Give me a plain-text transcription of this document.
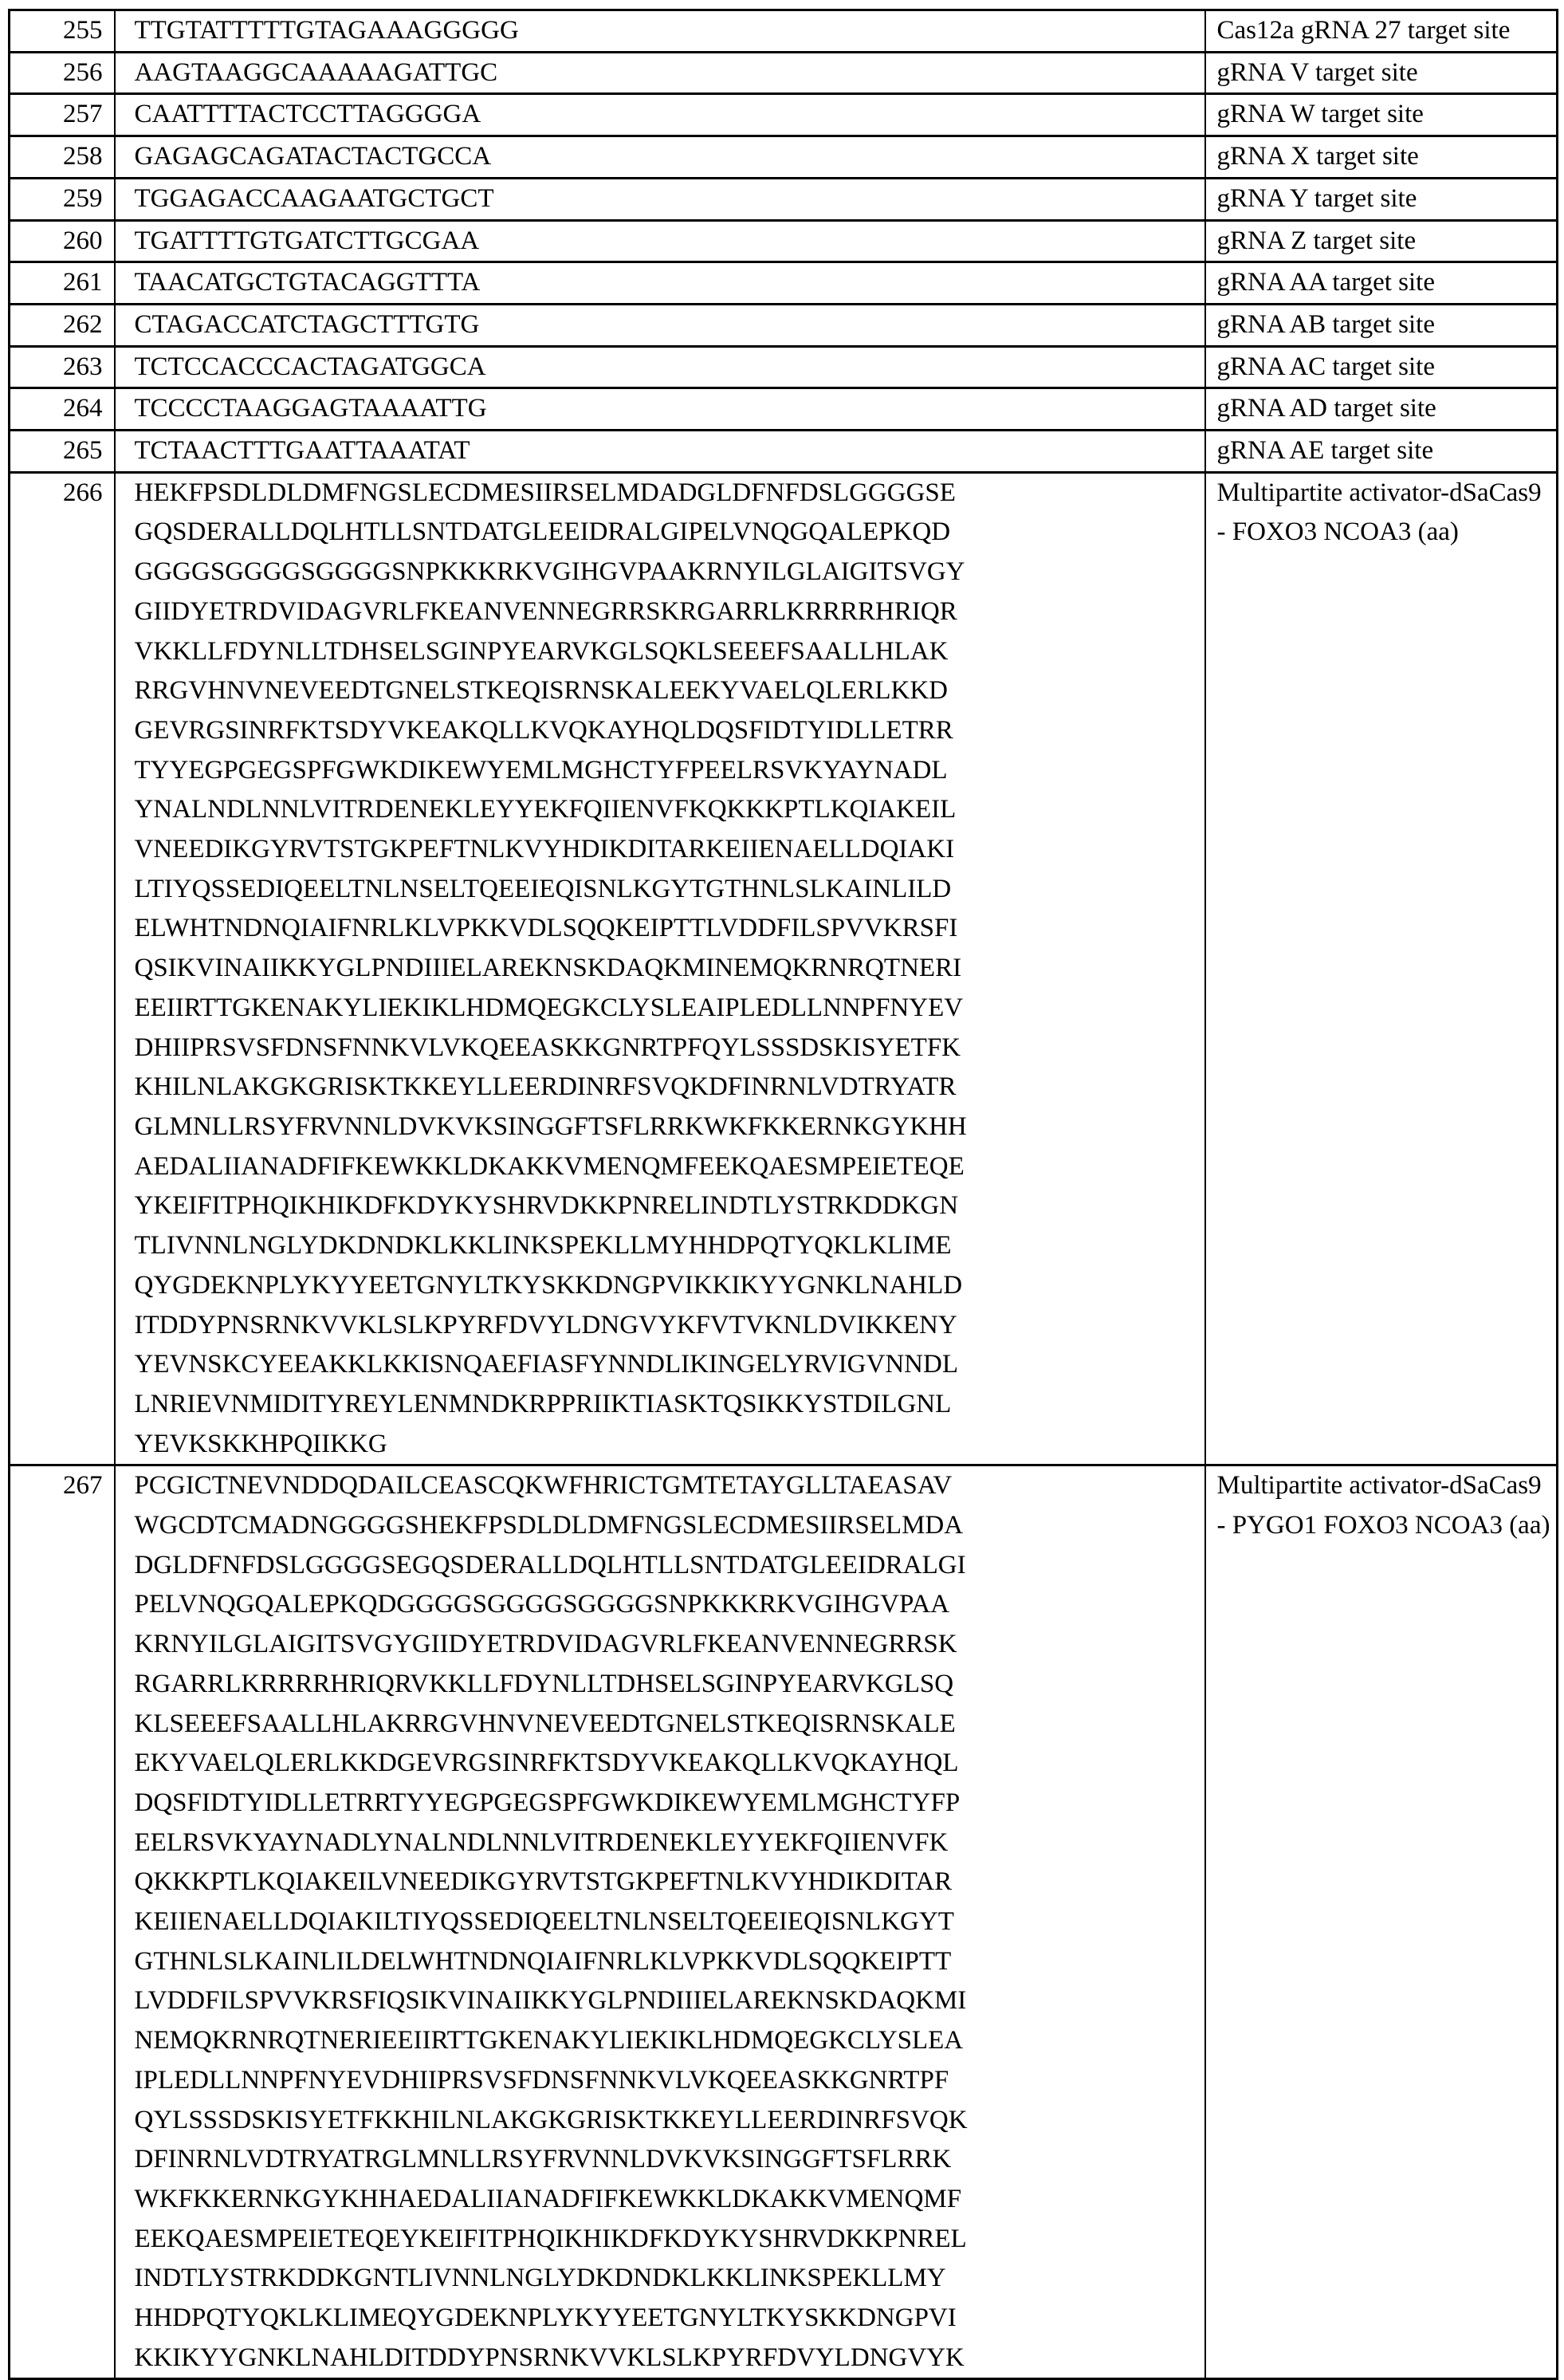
255	TTGTATTTTTGTAGAAAGGGGG	Cas12a gRNA 27 target site
256	AAGTAAGGCAAAAAGATTGC	gRNA V target site
257	CAATTTTACTCCTTAGGGGA	gRNA W target site
258	GAGAGCAGATACTACTGCCA	gRNA X target site
259	TGGAGACCAAGAATGCTGCT	gRNA Y target site
260	TGATTTTGTGATCTTGCGAA	gRNA Z target site
261	TAACATGCTGTACAGGTTTA	gRNA AA target site
262	CTAGACCATCTAGCTTTGTG	gRNA AB target site
263	TCTCCACCCACTAGATGGCA	gRNA AC target site
264	TCCCCTAAGGAGTAAAATTG	gRNA AD target site
265	TCTAACTTTGAATTAAATAT	gRNA AE target site
266	HEKFPSDLDLDMFNGSLECDMESIIRSELMDADGLDFNFDSLGGGGSE
GQSDERALLDQLHTLLSNTDATGLEEIDRALGIPELVNQGQALEPKQD
GGGGSGGGGSGGGGSNPKKKRKVGIHGVPAAKRNYILGLAIGITSVGY
GIIDYETRDVIDAGVRLFKEANVENNEGRRSKRGARRLKRRRRHRIQR
VKKLLFDYNLLTDHSELSGINPYEARVKGLSQKLSEEEFSAALLHLAK
RRGVHNVNEVEEDTGNELSTKEQISRNSKALEEKYVAELQLERLKKD
GEVRGSINRFKTSDYVKEAKQLLKVQKAYHQLDQSFIDTYIDLLETRR
TYYEGPGEGSPFGWKDIKEWYEMLMGHCTYFPEELRSVKYAYNADL
YNALNDLNNLVITRDENEKLEYYEKFQIIENVFKQKKKPTLKQIAKEIL
VNEEDIKGYRVTSTGKPEFTNLKVYHDIKDITARKEIIENAELLDQIAKI
LTIYQSSEDIQEELTNLNSELTQEEIEQISNLKGYTGTHNLSLKAINLILD
ELWHTNDNQIAIFNRLKLVPKKVDLSQQKEIPTTLVDDFILSPVVKRSFI
QSIKVINAIIKKYGLPNDIIIELAREKNSKDAQKMINEMQKRNRQTNERI
EEIIRTTGKENAKYLIEKIKLHDMQEGKCLYSLEAIPLEDLLNNPFNYEV
DHIIPRSVSFDNSFNNKVLVKQEEASKKGNRTPFQYLSSSDSKISYETFK
KHILNLAKGKGRISKTKKEYLLEERDINRFSVQKDFINRNLVDTRYATR
GLMNLLRSYFRVNNLDVKVKSINGGFTSFLRRKWKFKKERNKGYKHH
AEDALIIANADFIFKEWKKLDKAKKVMENQMFEEKQAESMPEIETEQE
YKEIFITPHQIKHIKDFKDYKYSHRVDKKPNRELINDTLYSTRKDDKGN
TLIVNNLNGLYDKDNDKLKKLINKSPEKLLMYHHDPQTYQKLKLIME
QYGDEKNPLYKYYEETGNYLTKYSKKDNGPVIKKIKYYGNKLNAHLD
ITDDYPNSRNKVVKLSLKPYRFDVYLDNGVYKFVTVKNLDVIKKENY
YEVNSKCYEEAKKLKKISNQAEFIASFYNNDLIKINGELYRVIGVNNDL
LNRIEVNMIDITYREYLENMNDKRPPRIIKTIASKTQSIKKYSTDILGNL
YEVKSKKHPQIIKKG
	Multipartite activator-dSaCas9 - FOXO3 NCOA3 (aa)
267	PCGICTNEVNDDQDAILCEASCQKWFHRICTGMTETAYGLLTAEASAV
WGCDTCMADNGGGGSHEKFPSDLDLDMFNGSLECDMESIIRSELMDA
DGLDFNFDSLGGGGSEGQSDERALLDQLHTLLSNTDATGLEEIDRALGI
PELVNQGQALEPKQDGGGGSGGGGSGGGGSNPKKKRKVGIHGVPAA
KRNYILGLAIGITSVGYGIIDYETRDVIDAGVRLFKEANVENNEGRRSK
RGARRLKRRRRHRIQRVKKLLFDYNLLTDHSELSGINPYEARVKGLSQ
KLSEEEFSAALLHLAKRRGVHNVNEVEEDTGNELSTKEQISRNSKALE
EKYVAELQLERLKKDGEVRGSINRFKTSDYVKEAKQLLKVQKAYHQL
DQSFIDTYIDLLETRRTYYEGPGEGSPFGWKDIKEWYEMLMGHCTYFP
EELRSVKYAYNADLYNALNDLNNLVITRDENEKLEYYEKFQIIENVFK
QKKKPTLKQIAKEILVNEEDIKGYRVTSTGKPEFTNLKVYHDIKDITAR
KEIIENAELLDQIAKILTIYQSSEDIQEELTNLNSELTQEEIEQISNLKGYT
GTHNLSLKAINLILDELWHTNDNQIAIFNRLKLVPKKVDLSQQKEIPTT
LVDDFILSPVVKRSFIQSIKVINAIIKKYGLPNDIIIELAREKNSKDAQKMI
NEMQKRNRQTNERIEEIIRTTGKENAKYLIEKIKLHDMQEGKCLYSLEA
IPLEDLLNNPFNYEVDHIIPRSVSFDNSFNNKVLVKQEEASKKGNRTPF
QYLSSSDSKISYETFKKHILNLAKGKGRISKTKKEYLLEERDINRFSVQK
DFINRNLVDTRYATRGLMNLLRSYFRVNNLDVKVKSINGGFTSFLRRK
WKFKKERNKGYKHHAEDALIIANADFIFKEWKKLDKAKKVMENQMF
EEKQAESMPEIETEQEYKEIFITPHQIKHIKDFKDYKYSHRVDKKPNREL
INDTLYSTRKDDKGNTLIVNNLNGLYDKDNDKLKKLINKSPEKLLMY
HHDPQTYQKLKLIMEQYGDEKNPLYKYYEETGNYLTKYSKKDNGPVI
KKIKYYGNKLNAHLDITDDYPNSRNKVVKLSLKPYRFDVYLDNGVYK
	Multipartite activator-dSaCas9 - PYGO1 FOXO3 NCOA3 (aa)
